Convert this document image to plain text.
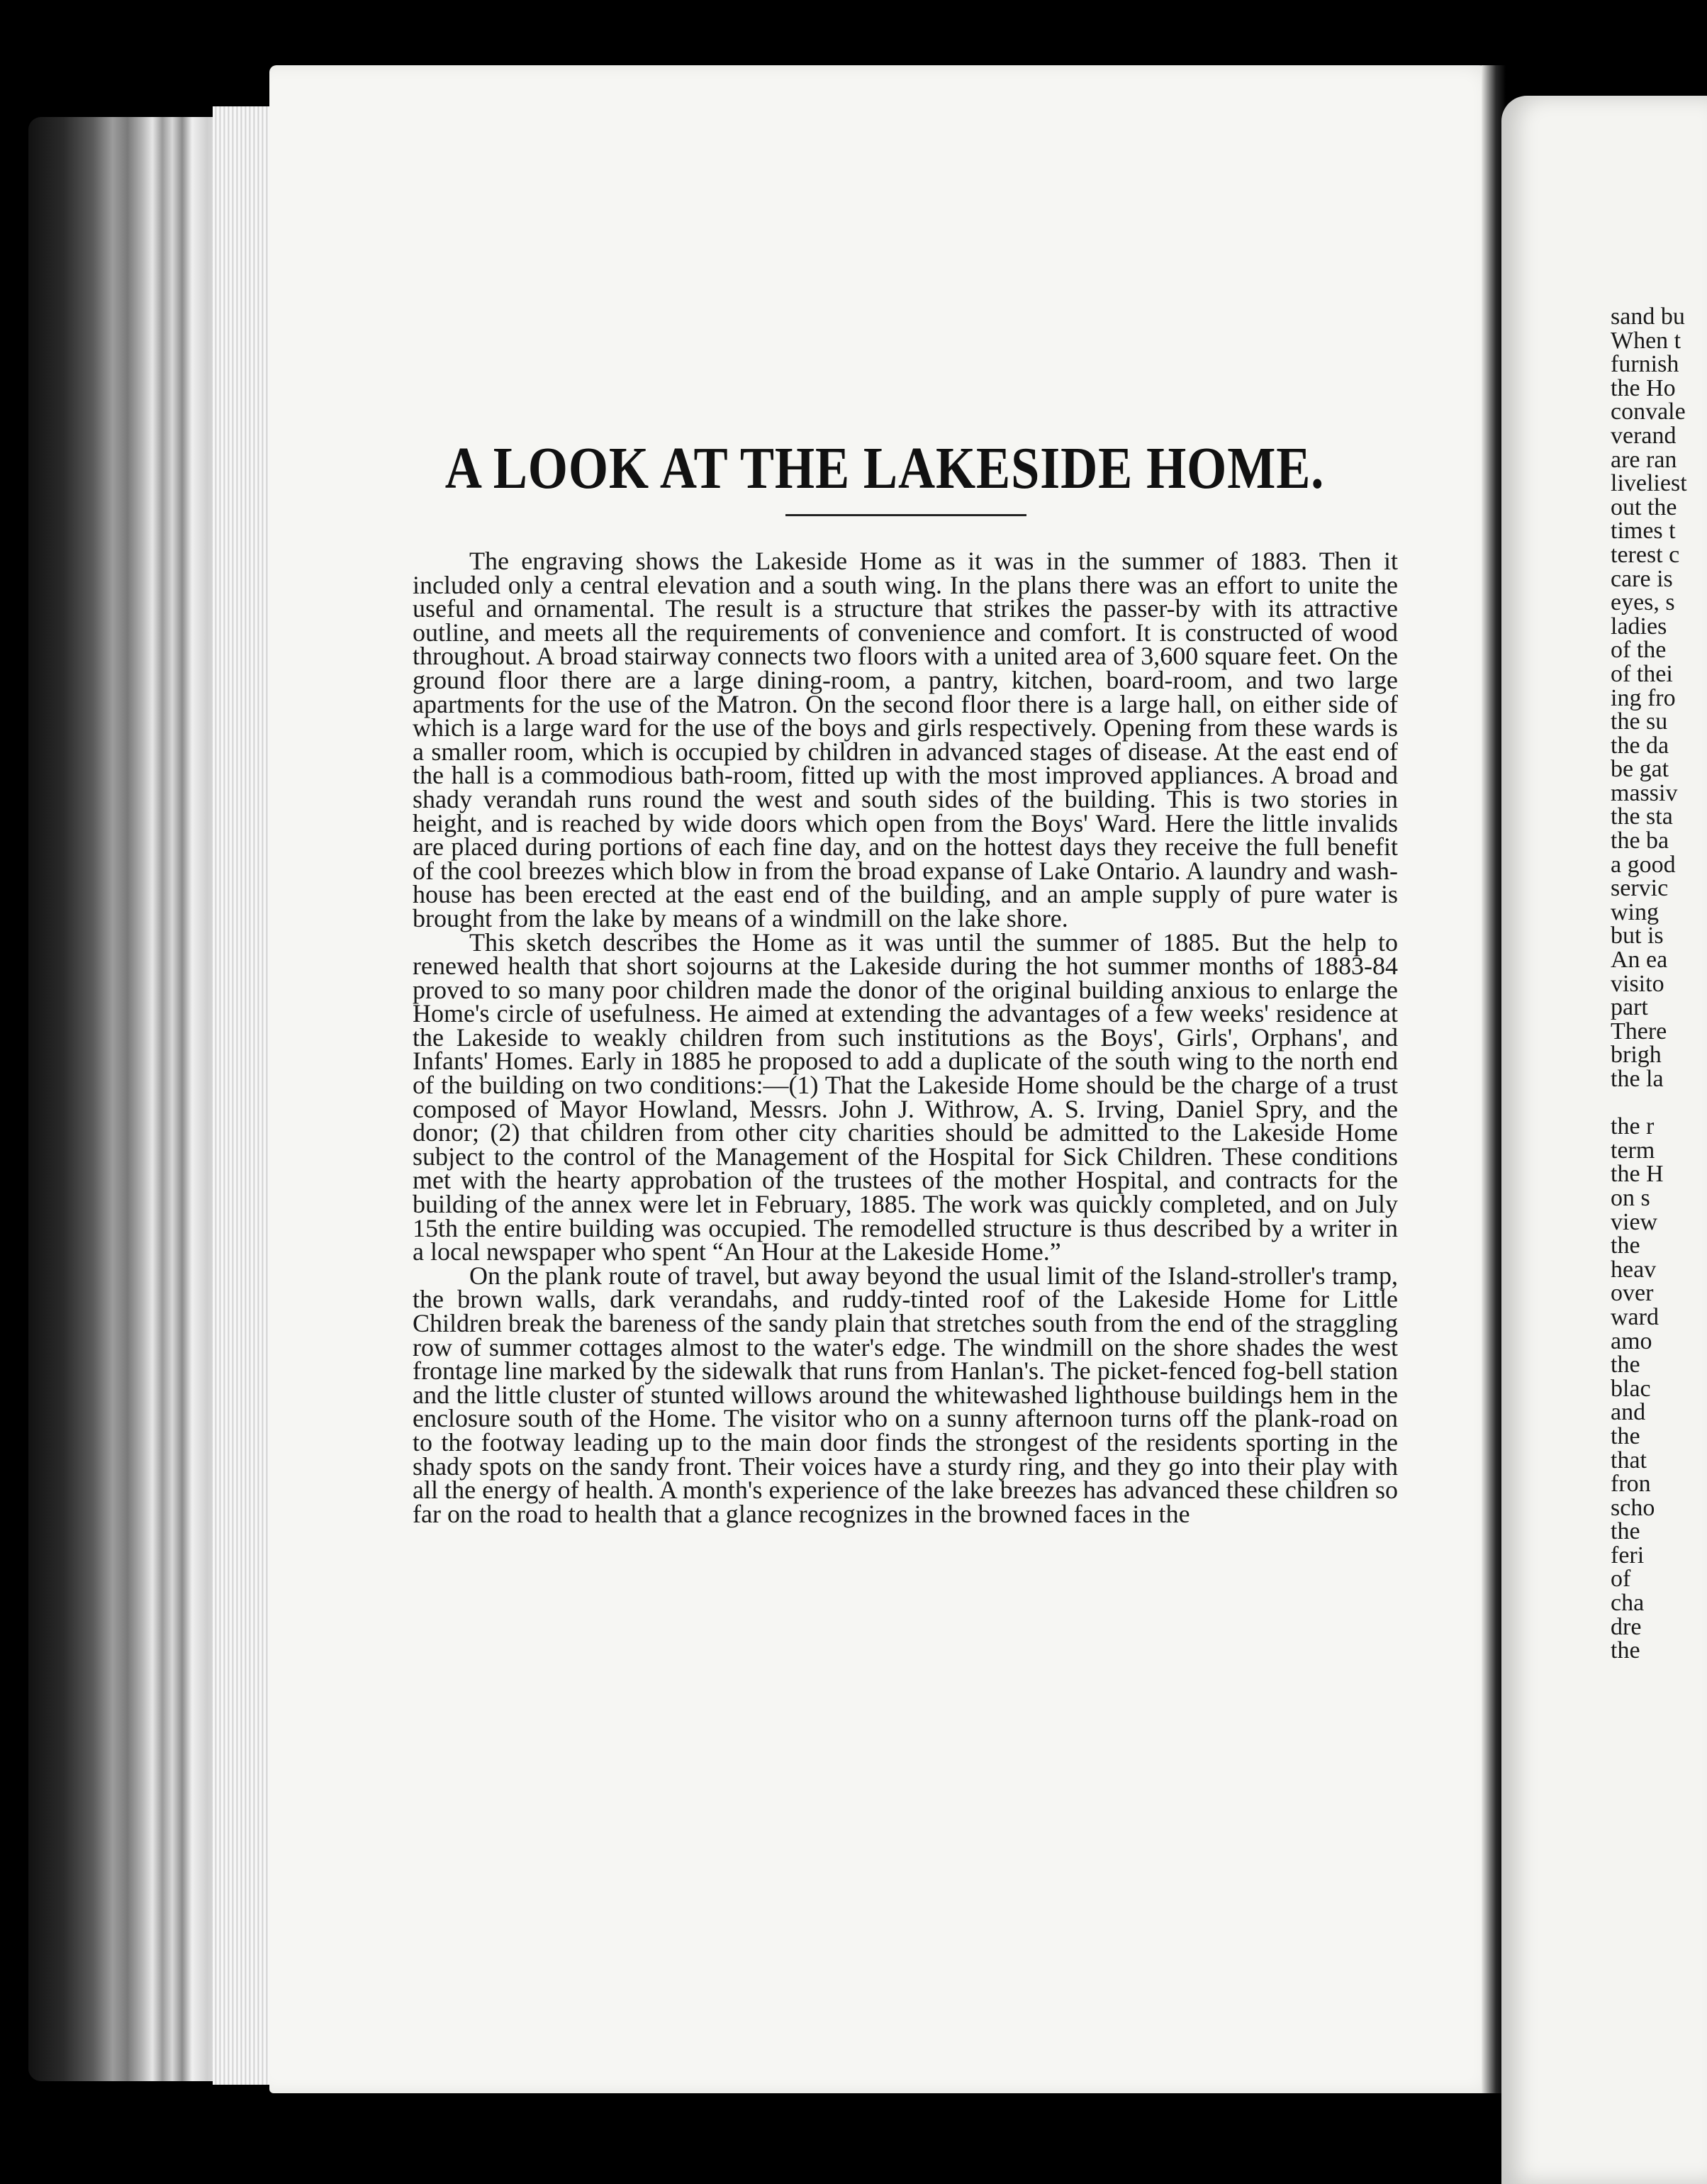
A LOOK AT THE LAKESIDE HOME.

The engraving shows the Lakeside Home as it was in the summer of 1883. Then it included only a central elevation and a south wing. In the plans there was an effort to unite the useful and ornamental. The result is a structure that strikes the passer-by with its attractive outline, and meets all the requirements of convenience and comfort. It is constructed of wood throughout. A broad stairway connects two floors with a united area of 3,600 square feet. On the ground floor there are a large dining-room, a pantry, kitchen, board-room, and two large apartments for the use of the Matron. On the second floor there is a large hall, on either side of which is a large ward for the use of the boys and girls respectively. Opening from these wards is a smaller room, which is occupied by children in advanced stages of disease. At the east end of the hall is a commodious bath-room, fitted up with the most improved appliances. A broad and shady verandah runs round the west and south sides of the building. This is two stories in height, and is reached by wide doors which open from the Boys' Ward. Here the little invalids are placed during portions of each fine day, and on the hottest days they receive the full benefit of the cool breezes which blow in from the broad expanse of Lake Ontario. A laundry and wash-house has been erected at the east end of the building, and an ample supply of pure water is brought from the lake by means of a windmill on the lake shore.

This sketch describes the Home as it was until the summer of 1885. But the help to renewed health that short sojourns at the Lakeside during the hot summer months of 1883-84 proved to so many poor children made the donor of the original building anxious to enlarge the Home's circle of usefulness. He aimed at extending the advantages of a few weeks' residence at the Lakeside to weakly children from such institutions as the Boys', Girls', Orphans', and Infants' Homes. Early in 1885 he proposed to add a duplicate of the south wing to the north end of the building on two conditions:—(1) That the Lakeside Home should be the charge of a trust composed of Mayor Howland, Messrs. John J. Withrow, A. S. Irving, Daniel Spry, and the donor; (2) that children from other city charities should be admitted to the Lakeside Home subject to the control of the Management of the Hospital for Sick Children. These conditions met with the hearty approbation of the trustees of the mother Hospital, and contracts for the building of the annex were let in February, 1885. The work was quickly completed, and on July 15th the entire building was occupied. The remodelled structure is thus described by a writer in a local newspaper who spent “An Hour at the Lakeside Home.”

On the plank route of travel, but away beyond the usual limit of the Island-stroller's tramp, the brown walls, dark verandahs, and ruddy-tinted roof of the Lakeside Home for Little Children break the bareness of the sandy plain that stretches south from the end of the straggling row of summer cottages almost to the water's edge. The windmill on the shore shades the west frontage line marked by the sidewalk that runs from Hanlan's. The picket-fenced fog-bell station and the little cluster of stunted willows around the whitewashed lighthouse buildings hem in the enclosure south of the Home. The visitor who on a sunny afternoon turns off the plank-road on to the footway leading up to the main door finds the strongest of the residents sporting in the shady spots on the sandy front. Their voices have a sturdy ring, and they go into their play with all the energy of health. A month's experience of the lake breezes has advanced these children so far on the road to health that a glance recognizes in the browned faces in the

sand bu
When t
furnish
the Ho
convale
verand
are ran
liveliest
out the
times t
terest c
care is
eyes, s
ladies
of the
of thei
ing fro
the su
the da
be gat
massiv
the sta
the ba
a good
servic
wing
but is
An ea
visito
part
There
brigh
the la
the r
term
the H
on s
view
the
heav
over
ward
amo
the
blac
and
the
that
fron
scho
the
feri
of
cha
dre
the
